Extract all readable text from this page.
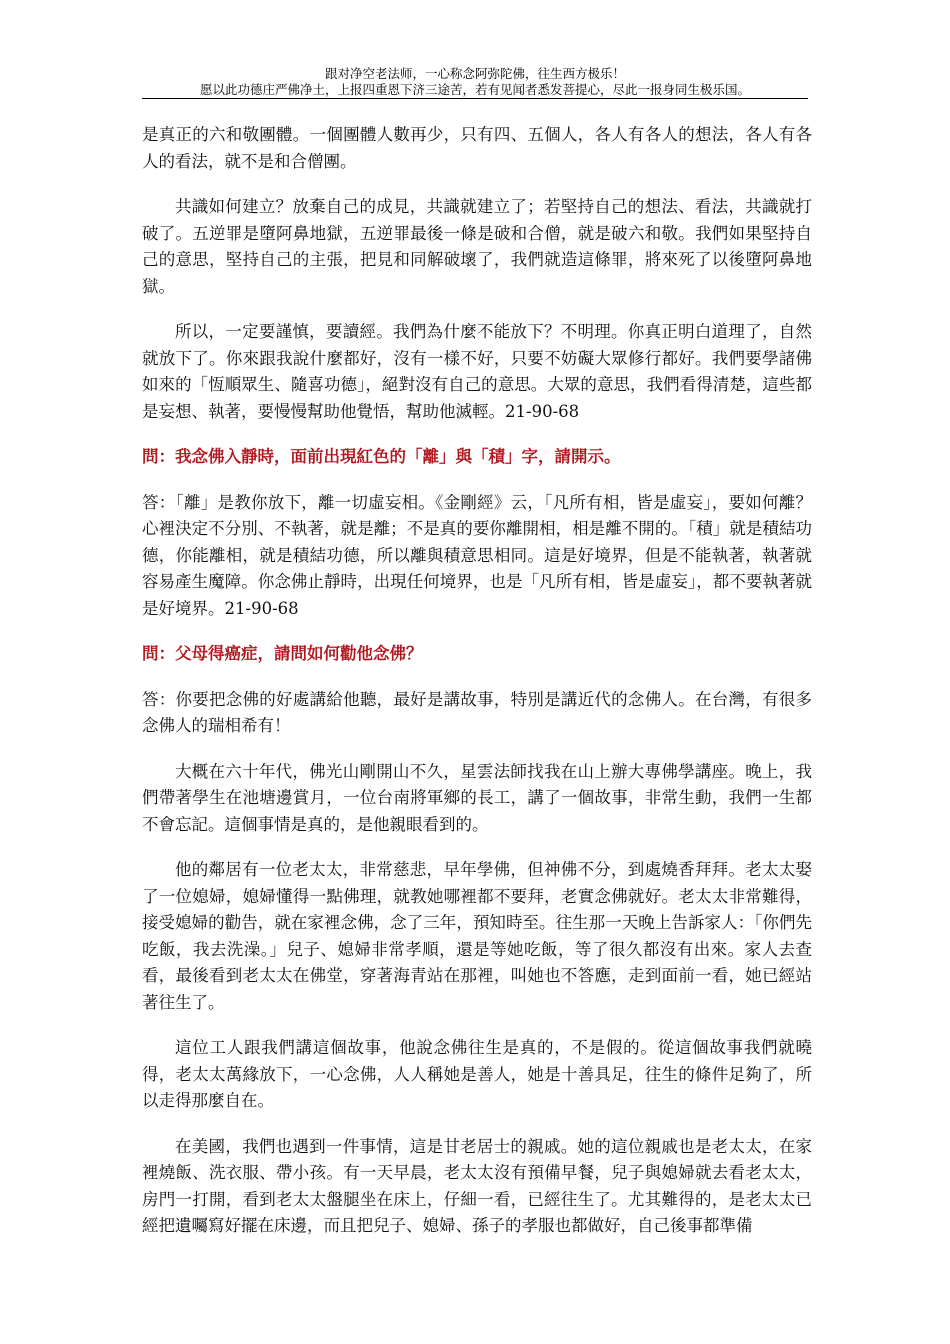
跟对净空老法师，一心称念阿弥陀佛，往生西方极乐！
愿以此功德庄严佛净土，上报四重恩下济三途苦，若有见闻者悉发菩提心，尽此一报身同生极乐国。

是真正的六和敬團體。一個團體人數再少，只有四、五個人，各人有各人的想法，各人有各人的看法，就不是和合僧團。

共識如何建立？放棄自己的成見，共識就建立了；若堅持自己的想法、看法，共識就打破了。五逆罪是墮阿鼻地獄，五逆罪最後一條是破和合僧，就是破六和敬。我們如果堅持自己的意思，堅持自己的主張，把見和同解破壞了，我們就造這條罪，將來死了以後墮阿鼻地獄。

所以，一定要謹慎，要讀經。我們為什麼不能放下？不明理。你真正明白道理了，自然就放下了。你來跟我說什麼都好，沒有一樣不好，只要不妨礙大眾修行都好。我們要學諸佛如來的「恆順眾生、隨喜功德」，絕對沒有自己的意思。大眾的意思，我們看得清楚，這些都是妄想、執著，要慢慢幫助他覺悟，幫助他滅輕。21-90-68

問：我念佛入靜時，面前出現紅色的「離」與「積」字，請開示。

答：「離」是教你放下，離一切虛妄相。《金剛經》云，「凡所有相，皆是虛妄」，要如何離？心裡決定不分別、不執著，就是離；不是真的要你離開相，相是離不開的。「積」就是積結功德，你能離相，就是積結功德，所以離與積意思相同。這是好境界，但是不能執著，執著就容易產生魔障。你念佛止靜時，出現任何境界，也是「凡所有相，皆是虛妄」，都不要執著就是好境界。21-90-68

問：父母得癌症，請問如何勸他念佛？

答：你要把念佛的好處講給他聽，最好是講故事，特別是講近代的念佛人。在台灣，有很多念佛人的瑞相希有！

大概在六十年代，佛光山剛開山不久，星雲法師找我在山上辦大專佛學講座。晚上，我們帶著學生在池塘邊賞月，一位台南將軍鄉的長工，講了一個故事，非常生動，我們一生都不會忘記。這個事情是真的，是他親眼看到的。

他的鄰居有一位老太太，非常慈悲，早年學佛，但神佛不分，到處燒香拜拜。老太太娶了一位媳婦，媳婦懂得一點佛理，就教她哪裡都不要拜，老實念佛就好。老太太非常難得，接受媳婦的勸告，就在家裡念佛，念了三年，預知時至。往生那一天晚上告訴家人：「你們先吃飯，我去洗澡。」兒子、媳婦非常孝順，還是等她吃飯，等了很久都沒有出來。家人去查看，最後看到老太太在佛堂，穿著海青站在那裡，叫她也不答應，走到面前一看，她已經站著往生了。

這位工人跟我們講這個故事，他說念佛往生是真的，不是假的。從這個故事我們就曉得，老太太萬緣放下，一心念佛，人人稱她是善人，她是十善具足，往生的條件足夠了，所以走得那麼自在。

在美國，我們也遇到一件事情，這是甘老居士的親戚。她的這位親戚也是老太太，在家裡燒飯、洗衣服、帶小孩。有一天早晨，老太太沒有預備早餐，兒子與媳婦就去看老太太，房門一打開，看到老太太盤腿坐在床上，仔細一看，已經往生了。尤其難得的，是老太太已經把遺囑寫好擺在床邊，而且把兒子、媳婦、孫子的孝服也都做好，自己後事都準備
